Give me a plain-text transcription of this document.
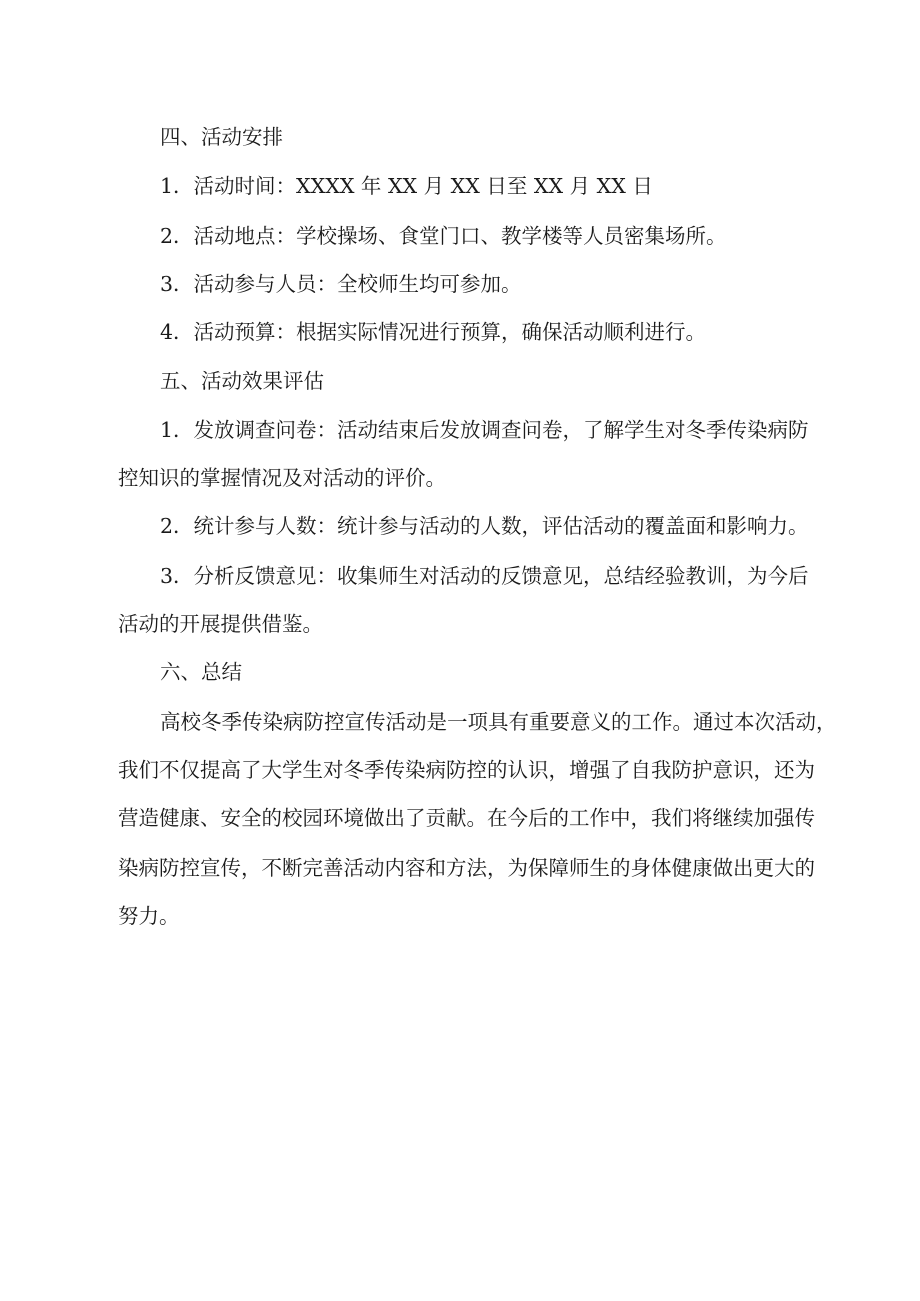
四、活动安排
1．活动时间：XXXX 年 XX 月 XX 日至 XX 月 XX 日
2．活动地点：学校操场、食堂门口、教学楼等人员密集场所。
3．活动参与人员：全校师生均可参加。
4．活动预算：根据实际情况进行预算，确保活动顺利进行。
五、活动效果评估
1．发放调查问卷：活动结束后发放调查问卷，了解学生对冬季传染病防
控知识的掌握情况及对活动的评价。
2．统计参与人数：统计参与活动的人数，评估活动的覆盖面和影响力。
3．分析反馈意见：收集师生对活动的反馈意见，总结经验教训，为今后
活动的开展提供借鉴。
六、总结
高校冬季传染病防控宣传活动是一项具有重要意义的工作。通过本次活动，
我们不仅提高了大学生对冬季传染病防控的认识，增强了自我防护意识，还为
营造健康、安全的校园环境做出了贡献。在今后的工作中，我们将继续加强传
染病防控宣传，不断完善活动内容和方法，为保障师生的身体健康做出更大的
努力。
